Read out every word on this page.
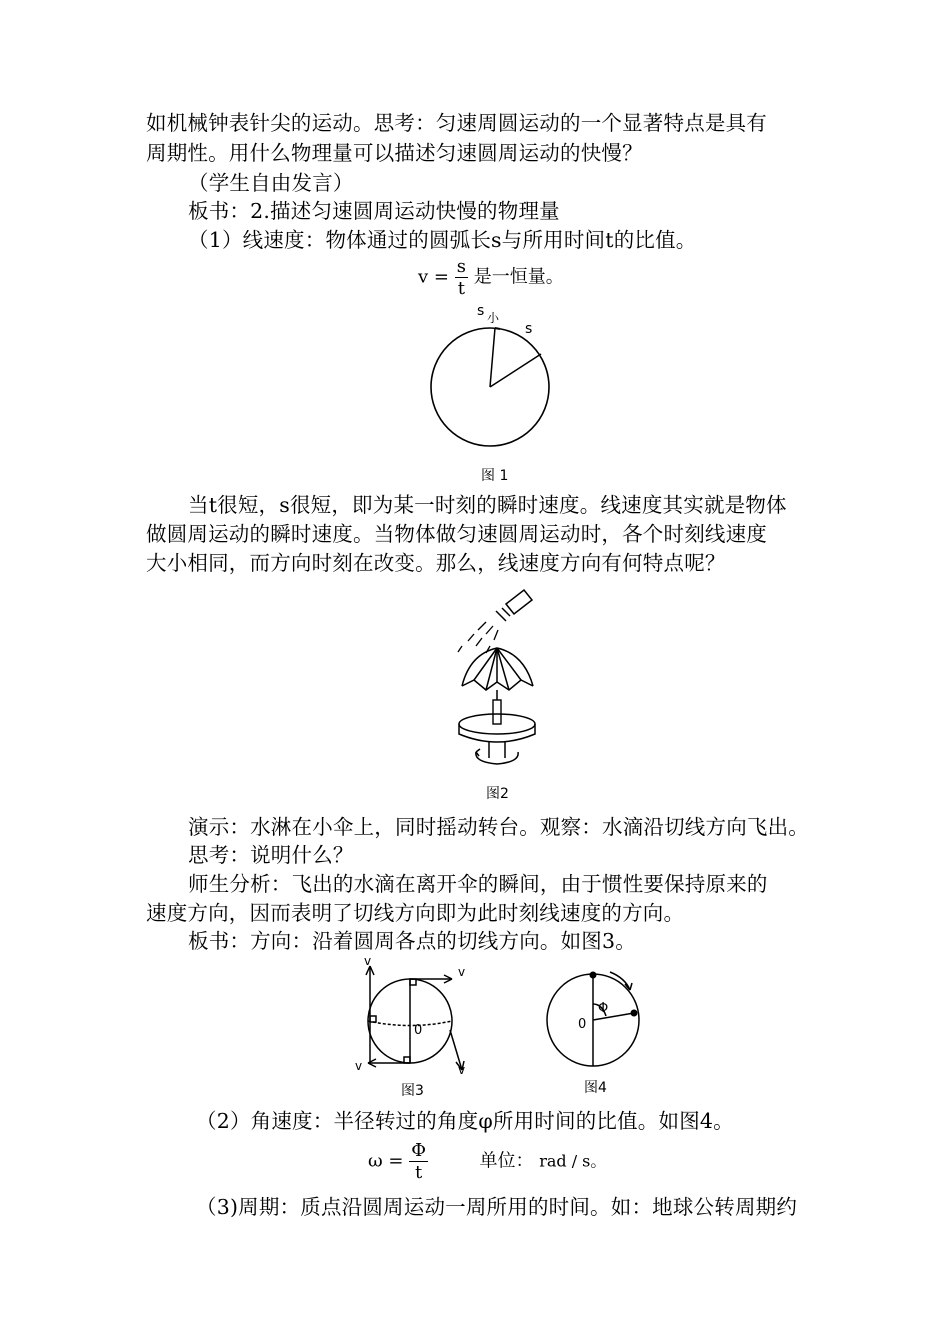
如机械钟表针尖的运动。思考：匀速周圆运动的一个显著特点是具有
周期性。用什么物理量可以描述匀速圆周运动的快慢？
（学生自由发言）
板书：2.描述匀速圆周运动快慢的物理量
（1）线速度：物体通过的圆弧长s与所用时间t的比值。
$v = \frac{s}{t}$ 是一恒量。
s 小
s
图 1
当t很短，s很短，即为某一时刻的瞬时速度。线速度其实就是物体
做圆周运动的瞬时速度。当物体做匀速圆周运动时，各个时刻线速度
大小相同，而方向时刻在改变。那么，线速度方向有何特点呢？
图2
演示：水淋在小伞上，同时摇动转台。观察：水滴沿切线方向飞出。
思考：说明什么？
师生分析：飞出的水滴在离开伞的瞬间，由于惯性要保持原来的
速度方向，因而表明了切线方向即为此时刻线速度的方向。
板书：方向：沿着圆周各点的切线方向。如图3。
v
v
v	v
0
图3
0
Φ
图4
（2）角速度：半径转过的角度φ所用时间的比值。如图4。
$\omega = \frac{\Phi}{t}$	单位： rad / s。
（3)周期：质点沿圆周运动一周所用的时间。如：地球公转周期约
